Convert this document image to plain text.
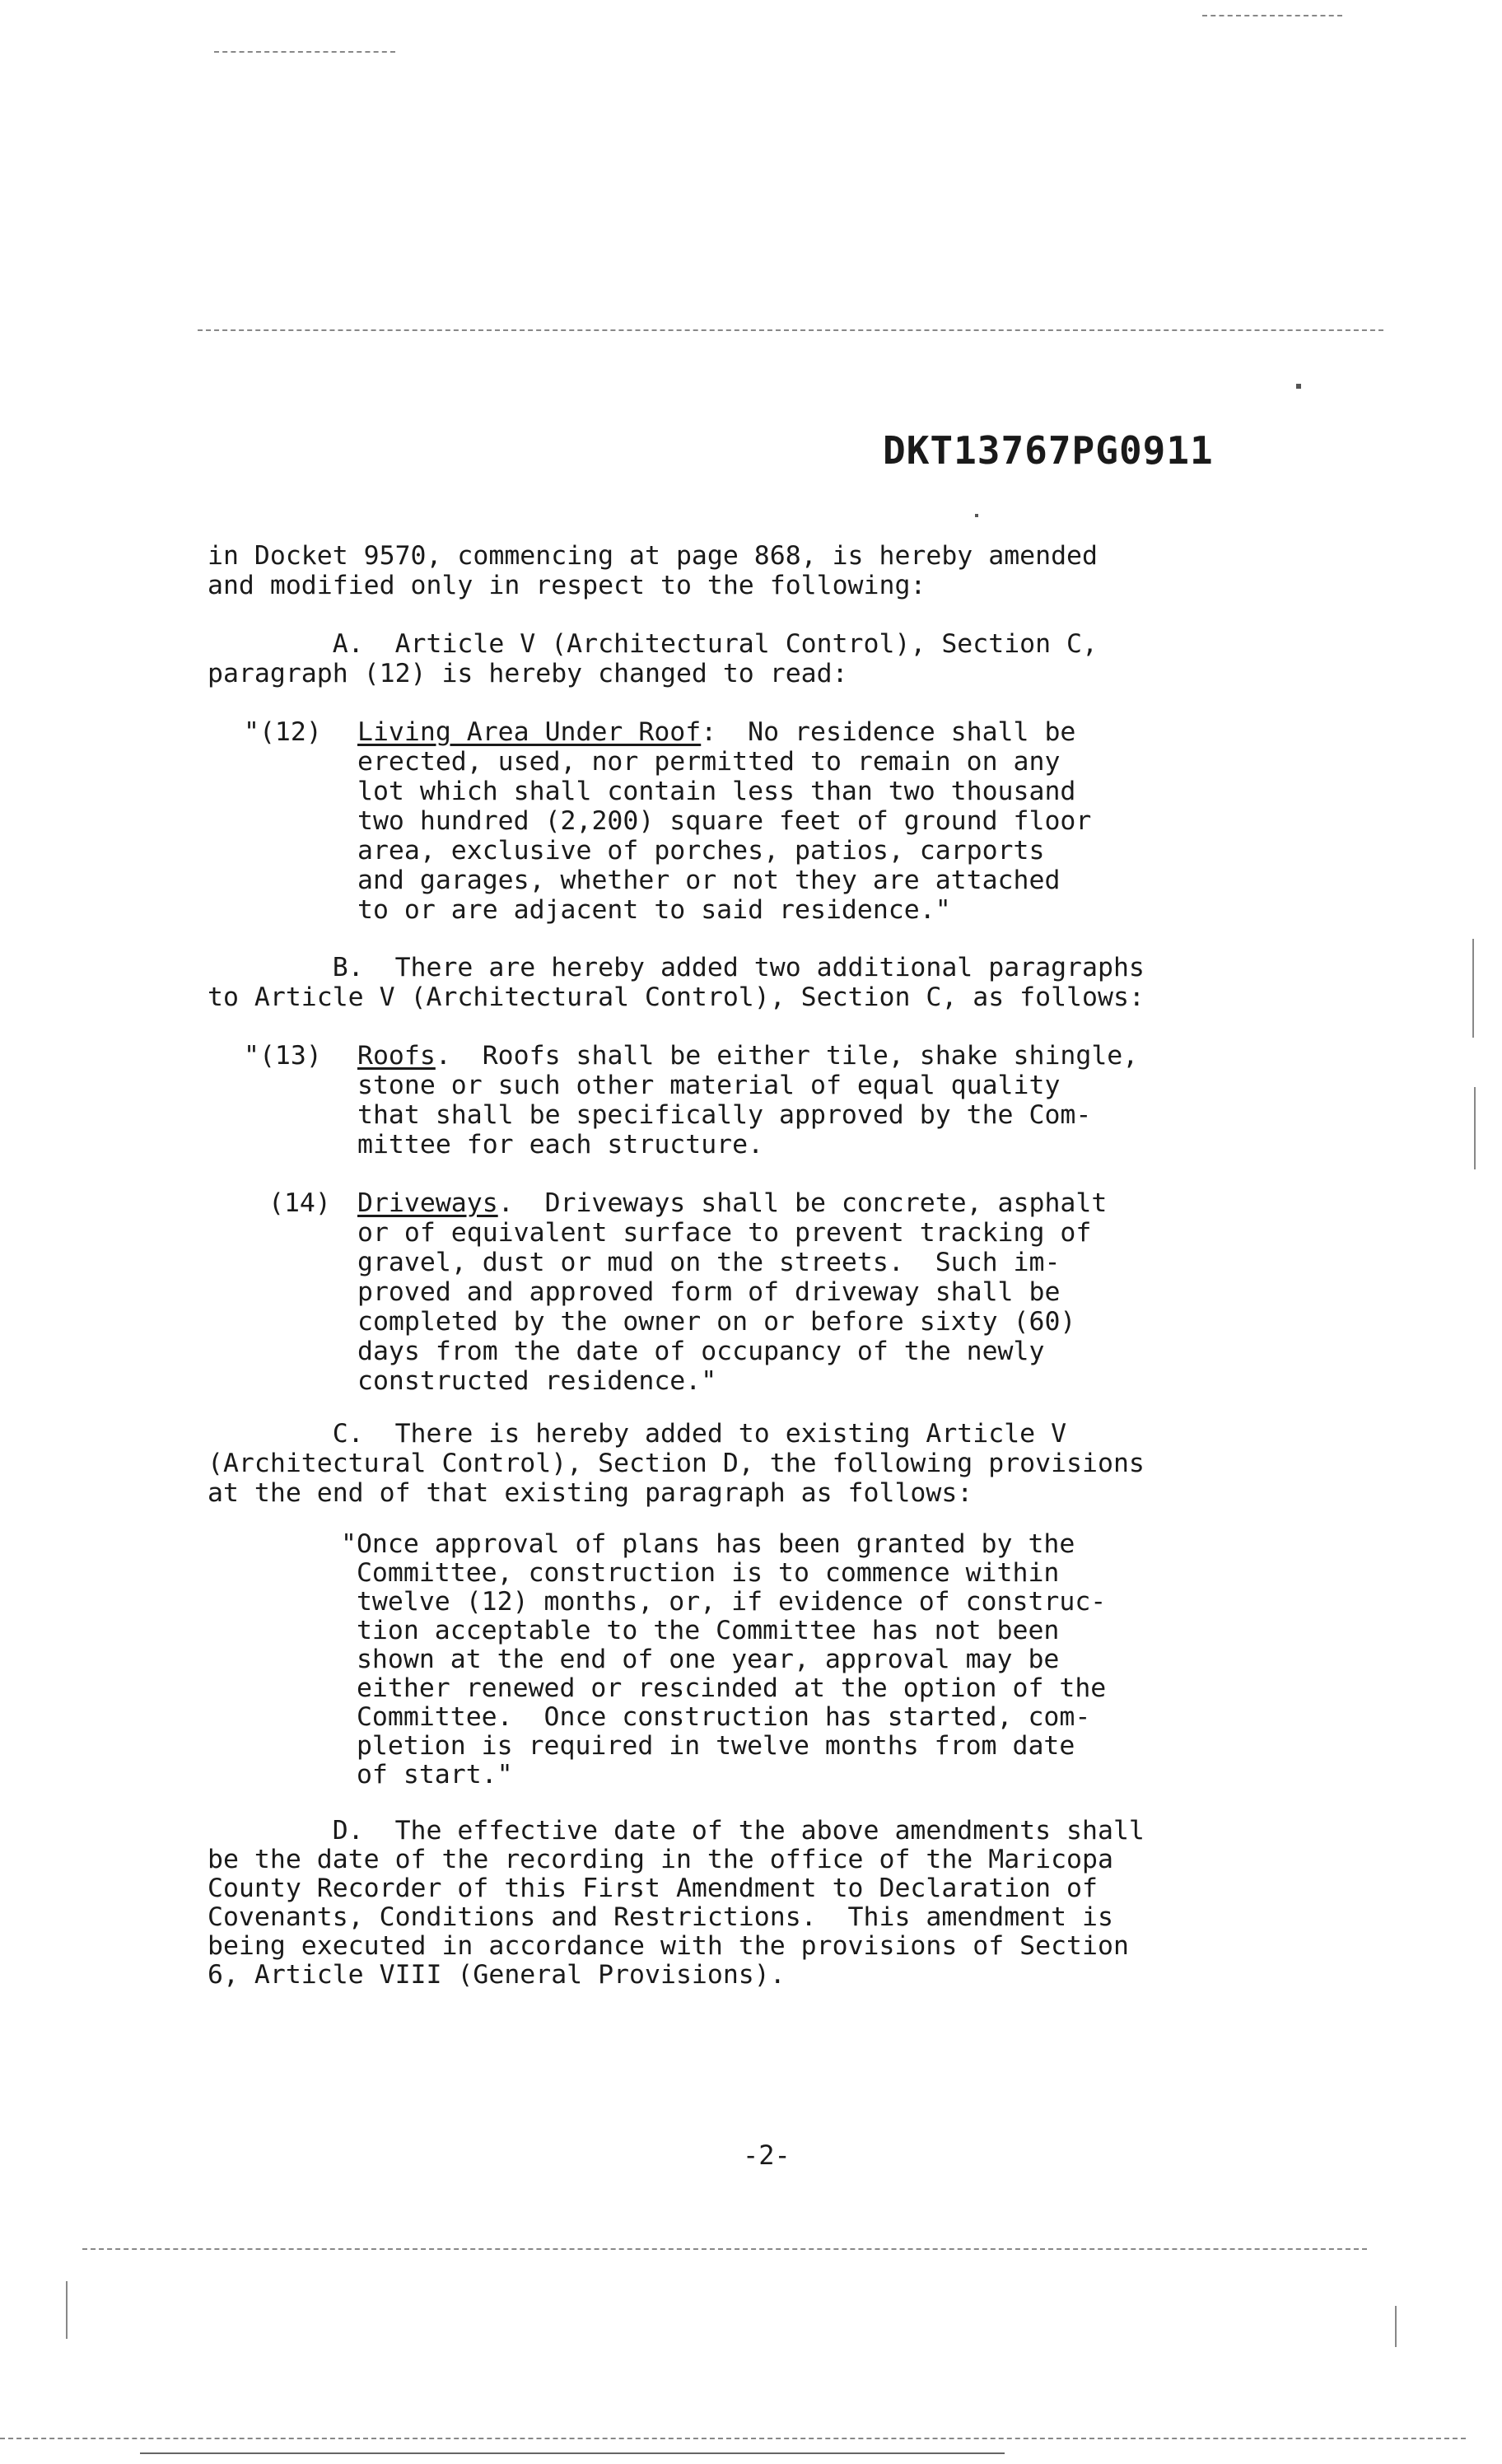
DKT13767PG0911
in Docket 9570, commencing at page 868, is hereby amended
and modified only in respect to the following:
A.  Article V (Architectural Control), Section C,
paragraph (12) is hereby changed to read:
"(12) Living Area Under Roof:  No residence shall be
erected, used, nor permitted to remain on any
lot which shall contain less than two thousand
two hundred (2,200) square feet of ground floor
area, exclusive of porches, patios, carports
and garages, whether or not they are attached
to or are adjacent to said residence."
B.  There are hereby added two additional paragraphs
to Article V (Architectural Control), Section C, as follows:
"(13) Roofs.  Roofs shall be either tile, shake shingle,
stone or such other material of equal quality
that shall be specifically approved by the Com-
mittee for each structure.
(14) Driveways.  Driveways shall be concrete, asphalt
or of equivalent surface to prevent tracking of
gravel, dust or mud on the streets.  Such im-
proved and approved form of driveway shall be
completed by the owner on or before sixty (60)
days from the date of occupancy of the newly
constructed residence."
C.  There is hereby added to existing Article V
(Architectural Control), Section D, the following provisions
at the end of that existing paragraph as follows:
"Once approval of plans has been granted by the
Committee, construction is to commence within
twelve (12) months, or, if evidence of construc-
tion acceptable to the Committee has not been
shown at the end of one year, approval may be
either renewed or rescinded at the option of the
Committee.  Once construction has started, com-
pletion is required in twelve months from date
of start."
D.  The effective date of the above amendments shall
be the date of the recording in the office of the Maricopa
County Recorder of this First Amendment to Declaration of
Covenants, Conditions and Restrictions.  This amendment is
being executed in accordance with the provisions of Section
6, Article VIII (General Provisions).
-2-
